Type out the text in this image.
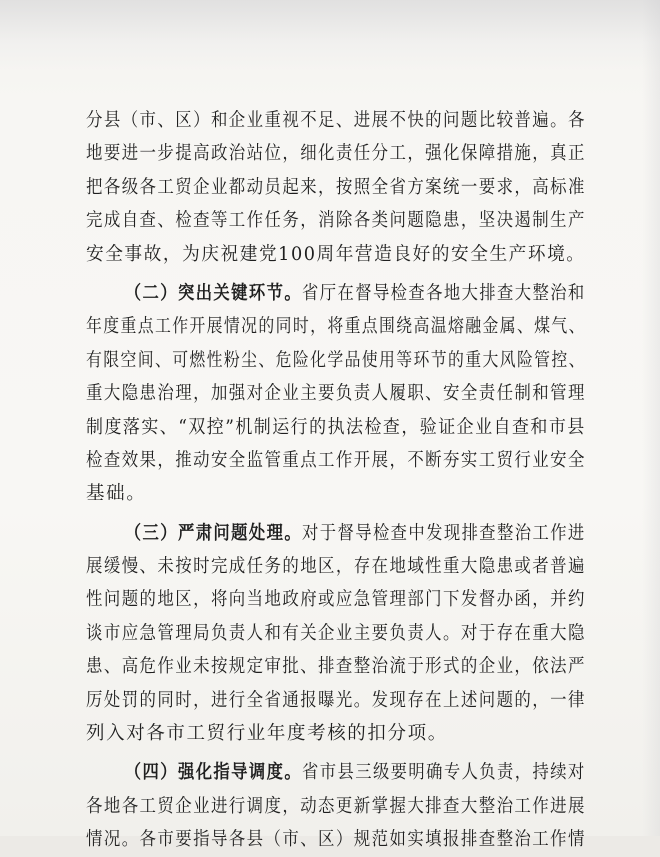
分县（市、区）和企业重视不足、进展不快的问题比较普遍。各
地要进一步提高政治站位，细化责任分工，强化保障措施，真正
把各级各工贸企业都动员起来，按照全省方案统一要求，高标准
完成自查、检查等工作任务，消除各类问题隐患，坚决遏制生产
安全事故，为庆祝建党100周年营造良好的安全生产环境。
（二）突出关键环节。省厅在督导检查各地大排查大整治和
年度重点工作开展情况的同时，将重点围绕高温熔融金属、煤气、
有限空间、可燃性粉尘、危险化学品使用等环节的重大风险管控、
重大隐患治理，加强对企业主要负责人履职、安全责任制和管理
制度落实、“双控”机制运行的执法检查，验证企业自查和市县
检查效果，推动安全监管重点工作开展，不断夯实工贸行业安全
基础。
（三）严肃问题处理。对于督导检查中发现排查整治工作进
展缓慢、未按时完成任务的地区，存在地域性重大隐患或者普遍
性问题的地区，将向当地政府或应急管理部门下发督办函，并约
谈市应急管理局负责人和有关企业主要负责人。对于存在重大隐
患、高危作业未按规定审批、排查整治流于形式的企业，依法严
厉处罚的同时，进行全省通报曝光。发现存在上述问题的，一律
列入对各市工贸行业年度考核的扣分项。
（四）强化指导调度。省市县三级要明确专人负责，持续对
各地各工贸企业进行调度，动态更新掌握大排查大整治工作进展
情况。各市要指导各县（市、区）规范如实填报排查整治工作情
